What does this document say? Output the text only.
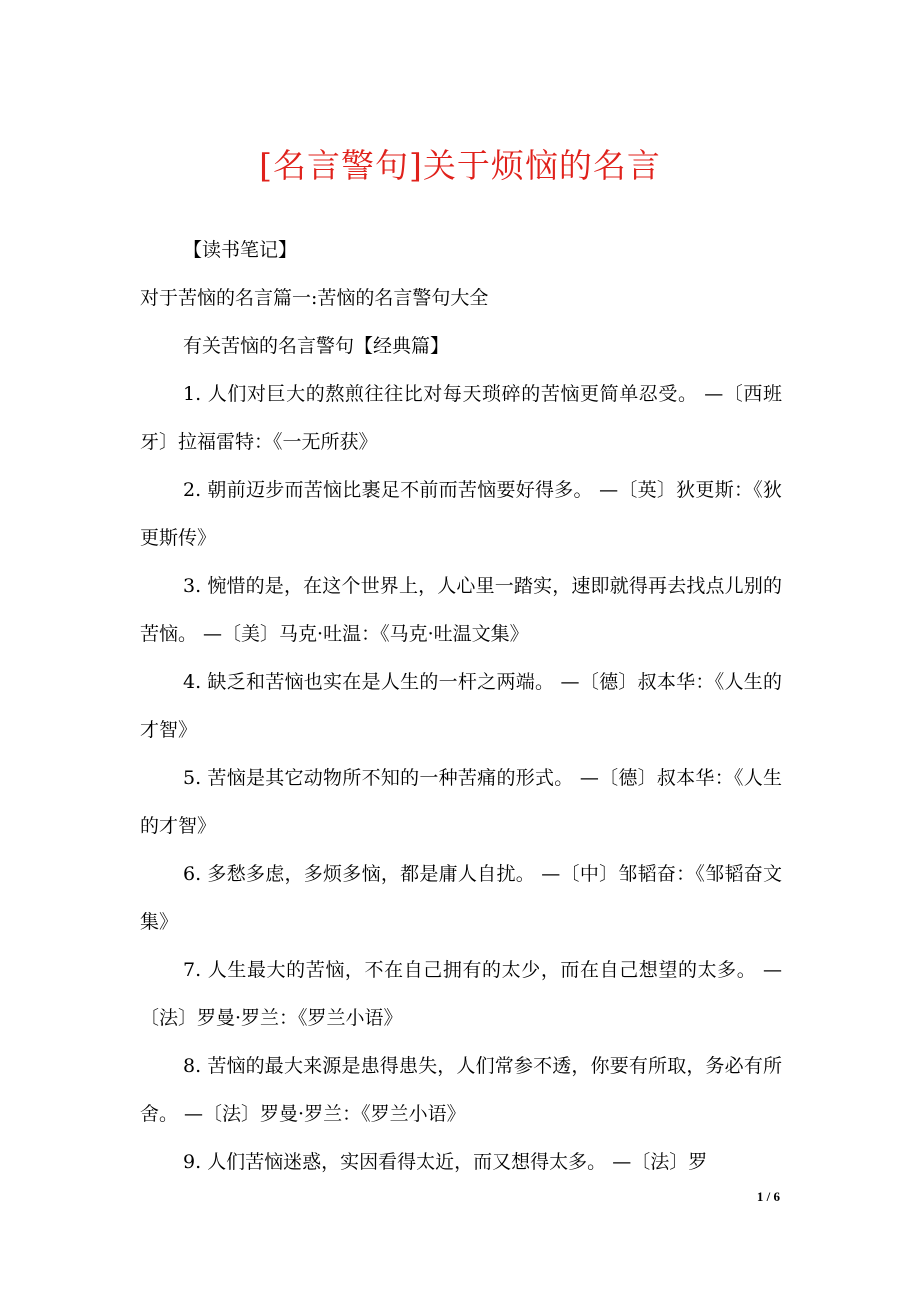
[名言警句]关于烦恼的名言

【读书笔记】

对于苦恼的名言篇一:苦恼的名言警句大全

有关苦恼的名言警句【经典篇】

1. 人们对巨大的熬煎往往比对每天琐碎的苦恼更简单忍受。 —〔西班牙〕拉福雷特：《一无所获》

2. 朝前迈步而苦恼比裹足不前而苦恼要好得多。 —〔英〕狄更斯：《狄更斯传》

3. 惋惜的是，在这个世界上，人心里一踏实，速即就得再去找点儿别的苦恼。 —〔美〕马克·吐温：《马克·吐温文集》

4. 缺乏和苦恼也实在是人生的一杆之两端。 —〔德〕叔本华：《人生的才智》

5. 苦恼是其它动物所不知的一种苦痛的形式。 —〔德〕叔本华：《人生的才智》

6. 多愁多虑，多烦多恼，都是庸人自扰。 —〔中〕邹韬奋：《邹韬奋文集》

7. 人生最大的苦恼，不在自己拥有的太少，而在自己想望的太多。 —〔法〕罗曼·罗兰：《罗兰小语》

8. 苦恼的最大来源是患得患失，人们常参不透，你要有所取，务必有所舍。 —〔法〕罗曼·罗兰：《罗兰小语》

9. 人们苦恼迷惑，实因看得太近，而又想得太多。 —〔法〕罗

1 / 6
